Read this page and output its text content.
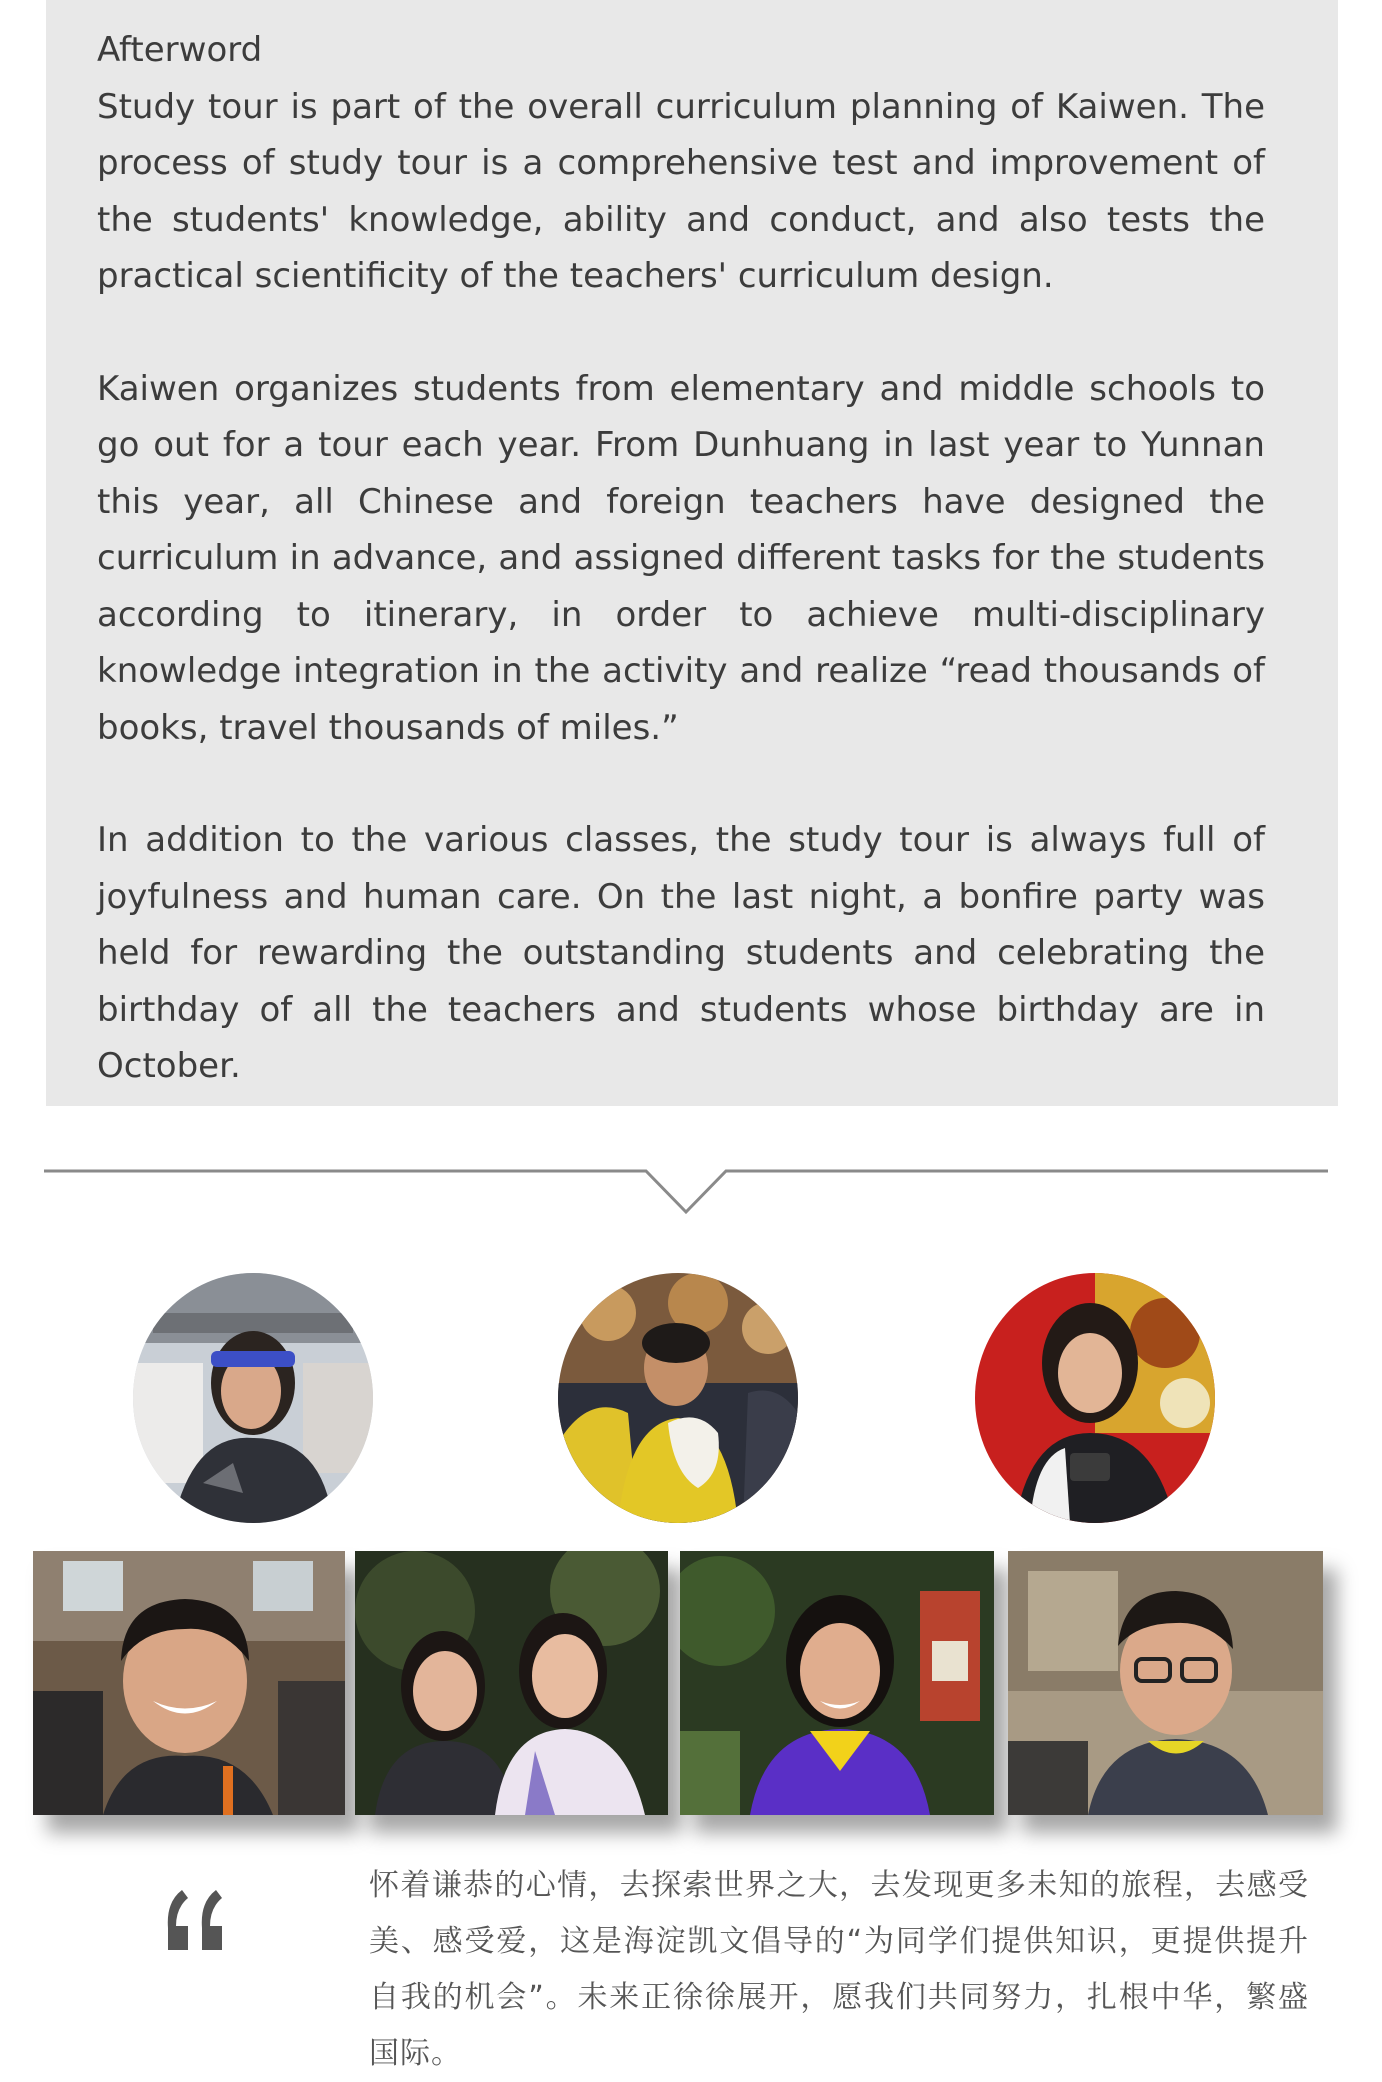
Afterword

Study tour is part of the overall curriculum planning of Kaiwen. The process of study tour is a comprehensive test and improvement of the students' knowledge, ability and conduct, and also tests the practical scientificity of the teachers' curriculum design.

Kaiwen organizes students from elementary and middle schools to go out for a tour each year. From Dunhuang in last year to Yunnan this year, all Chinese and foreign teachers have designed the curriculum in advance, and assigned different tasks for the students according to itinerary, in order to achieve multi-disciplinary knowledge integration in the activity and realize “read thousands of books, travel thousands of miles.”

In addition to the various classes, the study tour is always full of joyfulness and human care. On the last night, a bonfire party was held for rewarding the outstanding students and celebrating the birthday of all the teachers and students whose birthday are in October.

怀着谦恭的心情，去探索世界之大，去发现更多未知的旅程，去感受美、感受爱，这是海淀凯文倡导的“为同学们提供知识，更提供提升自我的机会”。未来正徐徐展开，愿我们共同努力，扎根中华，繁盛国际。
